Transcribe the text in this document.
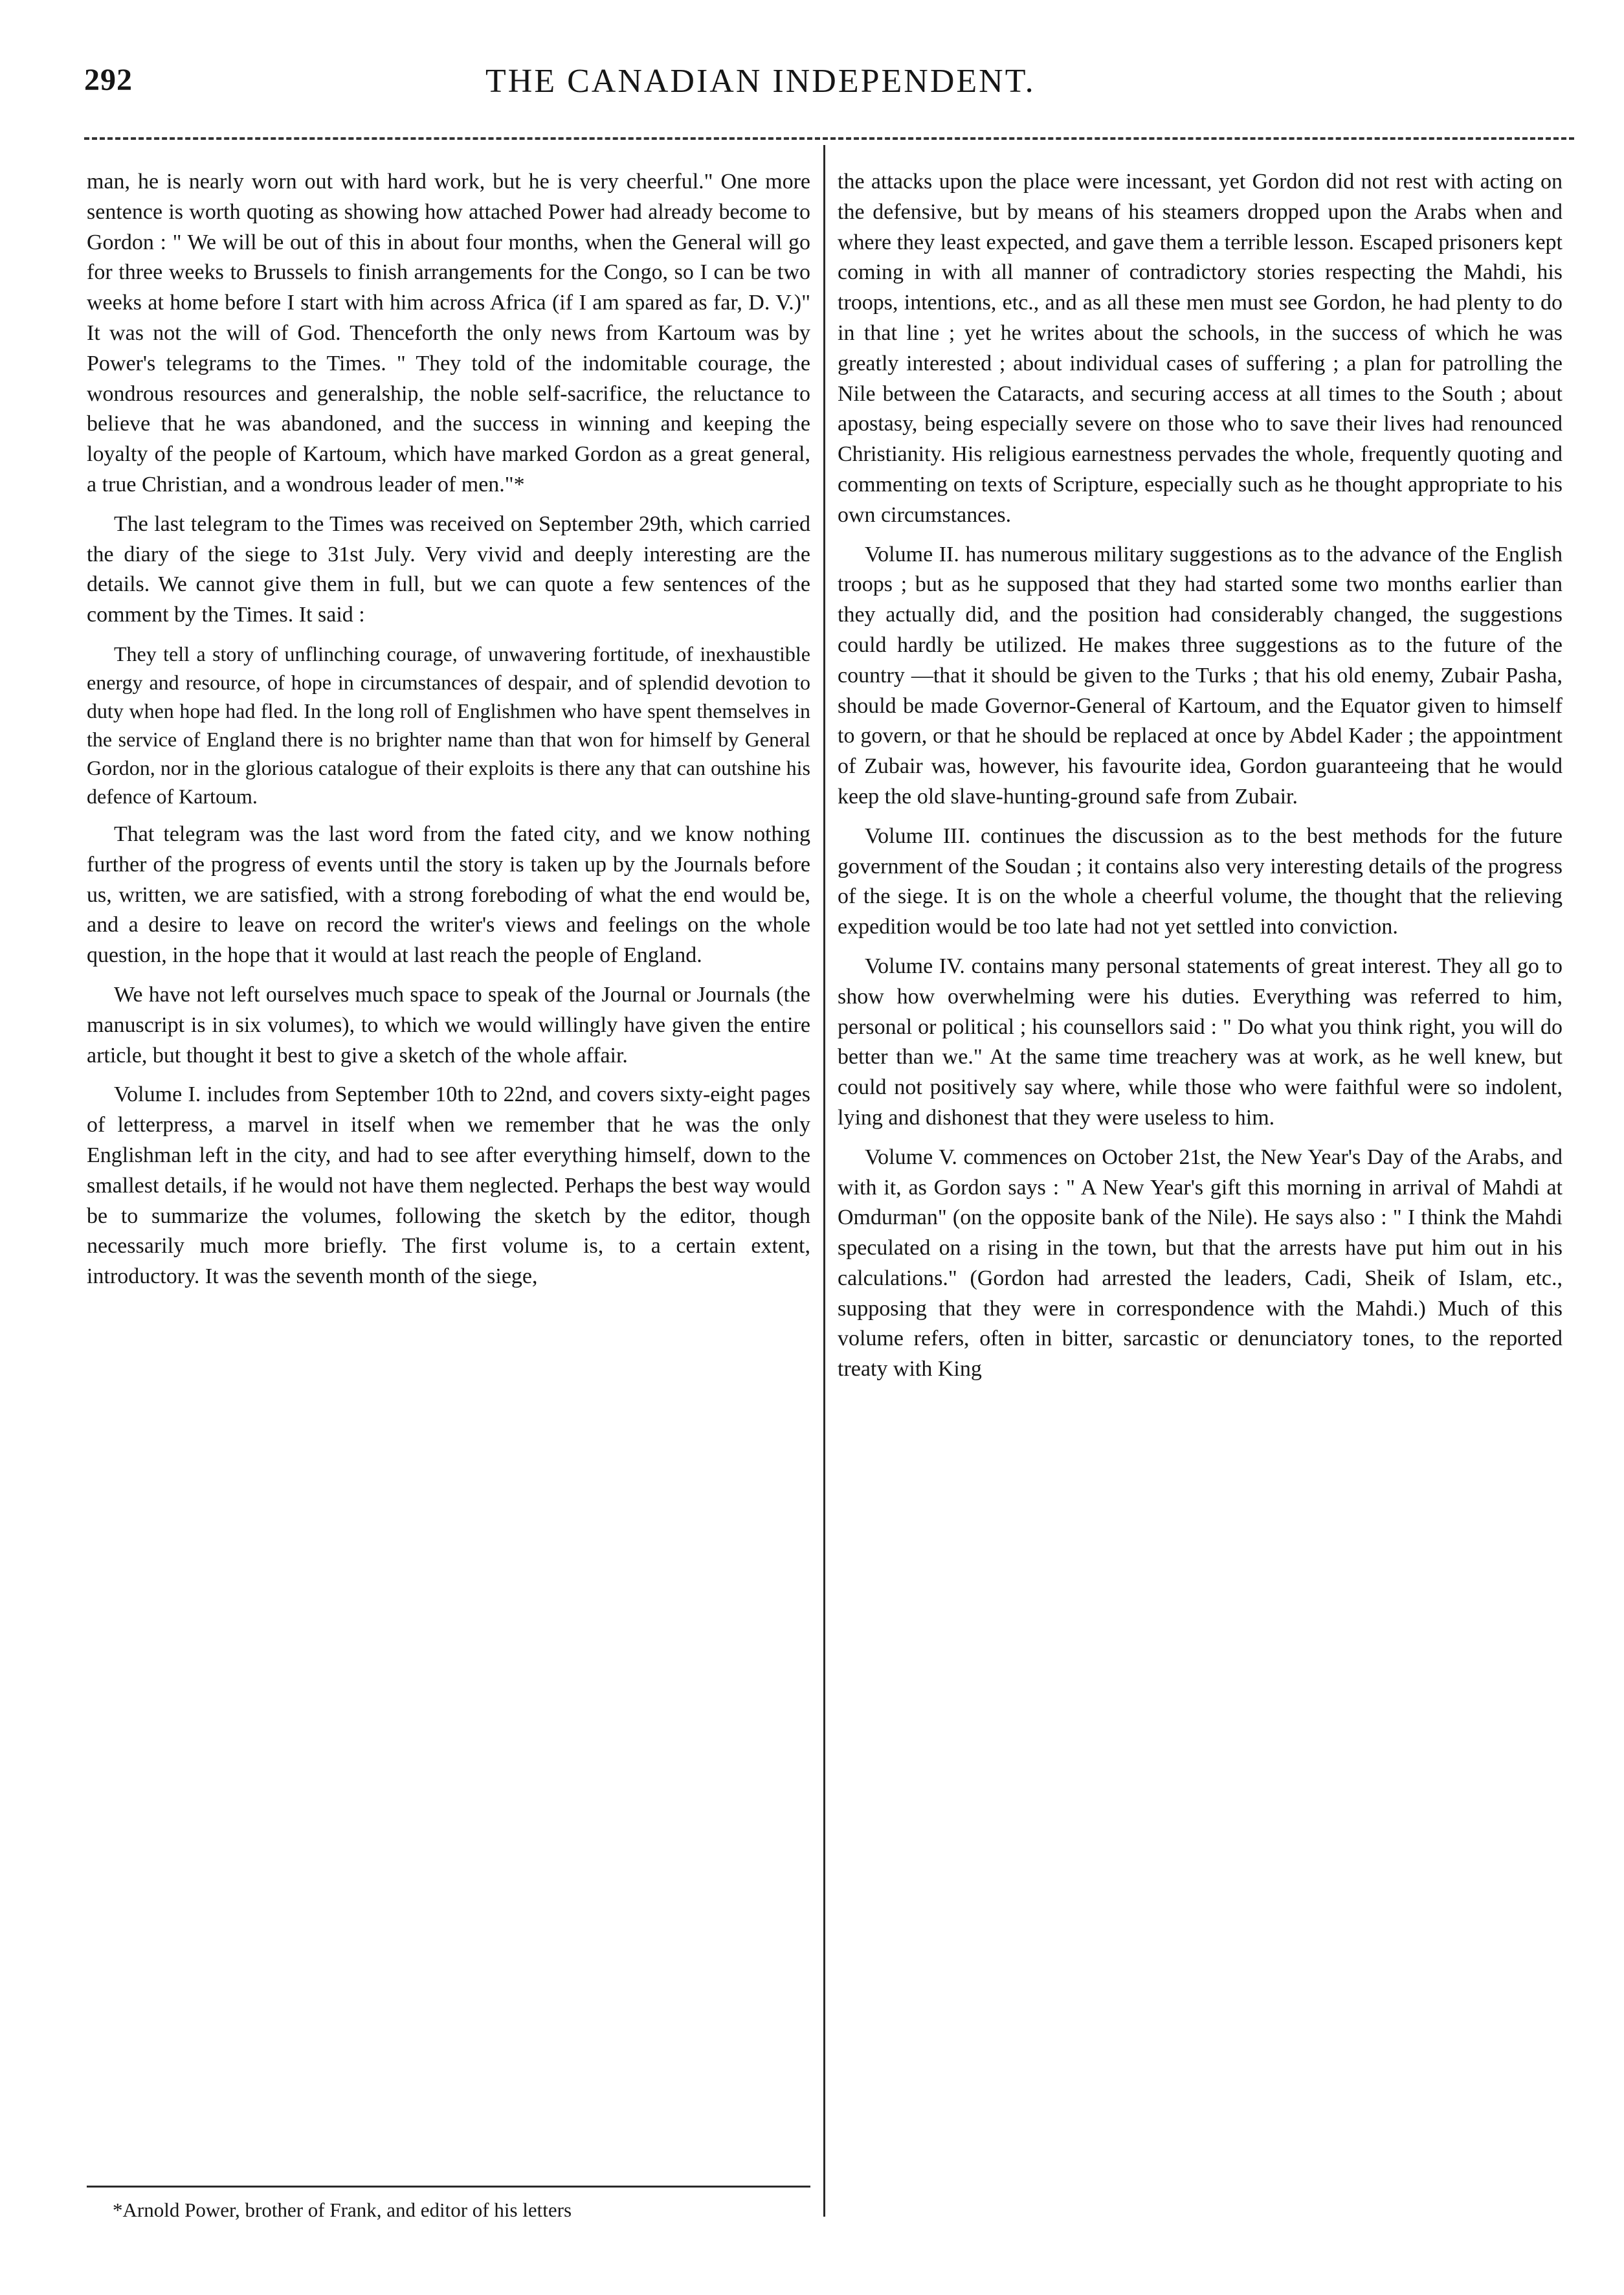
292	THE CANADIAN INDEPENDENT.

man, he is nearly worn out with hard work, but he is very cheerful." One more sentence is worth quoting as showing how attached Power had already become to Gordon : " We will be out of this in about four months, when the General will go for three weeks to Brussels to finish arrangements for the Congo, so I can be two weeks at home before I start with him across Africa (if I am spared as far, D. V.)" It was not the will of God. Thenceforth the only news from Kartoum was by Power's telegrams to the Times. " They told of the indomitable courage, the wondrous resources and generalship, the noble self-sacrifice, the reluctance to believe that he was abandoned, and the success in winning and keeping the loyalty of the people of Kartoum, which have marked Gordon as a great general, a true Christian, and a wondrous leader of men."*

The last telegram to the Times was received on September 29th, which carried the diary of the siege to 31st July. Very vivid and deeply interesting are the details. We cannot give them in full, but we can quote a few sentences of the comment by the Times. It said :

They tell a story of unflinching courage, of unwavering fortitude, of inexhaustible energy and resource, of hope in circumstances of despair, and of splendid devotion to duty when hope had fled. In the long roll of Englishmen who have spent themselves in the service of England there is no brighter name than that won for himself by General Gordon, nor in the glorious catalogue of their exploits is there any that can outshine his defence of Kartoum.

That telegram was the last word from the fated city, and we know nothing further of the progress of events until the story is taken up by the Journals before us, written, we are satisfied, with a strong foreboding of what the end would be, and a desire to leave on record the writer's views and feelings on the whole question, in the hope that it would at last reach the people of England.

We have not left ourselves much space to speak of the Journal or Journals (the manuscript is in six volumes), to which we would willingly have given the entire article, but thought it best to give a sketch of the whole affair.

Volume I. includes from September 10th to 22nd, and covers sixty-eight pages of letterpress, a marvel in itself when we remember that he was the only Englishman left in the city, and had to see after everything himself, down to the smallest details, if he would not have them neglected. Perhaps the best way would be to summarize the volumes, following the sketch by the editor, though necessarily much more briefly. The first volume is, to a certain extent, introductory. It was the seventh month of the siege,

*Arnold Power, brother of Frank, and editor of his letters

the attacks upon the place were incessant, yet Gordon did not rest with acting on the defensive, but by means of his steamers dropped upon the Arabs when and where they least expected, and gave them a terrible lesson. Escaped prisoners kept coming in with all manner of contradictory stories respecting the Mahdi, his troops, intentions, etc., and as all these men must see Gordon, he had plenty to do in that line ; yet he writes about the schools, in the success of which he was greatly interested ; about individual cases of suffering ; a plan for patrolling the Nile between the Cataracts, and securing access at all times to the South ; about apostasy, being especially severe on those who to save their lives had renounced Christianity. His religious earnestness pervades the whole, frequently quoting and commenting on texts of Scripture, especially such as he thought appropriate to his own circumstances.

Volume II. has numerous military suggestions as to the advance of the English troops ; but as he supposed that they had started some two months earlier than they actually did, and the position had considerably changed, the suggestions could hardly be utilized. He makes three suggestions as to the future of the country —that it should be given to the Turks ; that his old enemy, Zubair Pasha, should be made Governor-General of Kartoum, and the Equator given to himself to govern, or that he should be replaced at once by Abdel Kader ; the appointment of Zubair was, however, his favourite idea, Gordon guaranteeing that he would keep the old slave-hunting-ground safe from Zubair.

Volume III. continues the discussion as to the best methods for the future government of the Soudan ; it contains also very interesting details of the progress of the siege. It is on the whole a cheerful volume, the thought that the relieving expedition would be too late had not yet settled into conviction.

Volume IV. contains many personal statements of great interest. They all go to show how overwhelming were his duties. Everything was referred to him, personal or political ; his counsellors said : " Do what you think right, you will do better than we." At the same time treachery was at work, as he well knew, but could not positively say where, while those who were faithful were so indolent, lying and dishonest that they were useless to him.

Volume V. commences on October 21st, the New Year's Day of the Arabs, and with it, as Gordon says : " A New Year's gift this morning in arrival of Mahdi at Omdurman" (on the opposite bank of the Nile). He says also : " I think the Mahdi speculated on a rising in the town, but that the arrests have put him out in his calculations." (Gordon had arrested the leaders, Cadi, Sheik of Islam, etc., supposing that they were in correspondence with the Mahdi.) Much of this volume refers, often in bitter, sarcastic or denunciatory tones, to the reported treaty with King
